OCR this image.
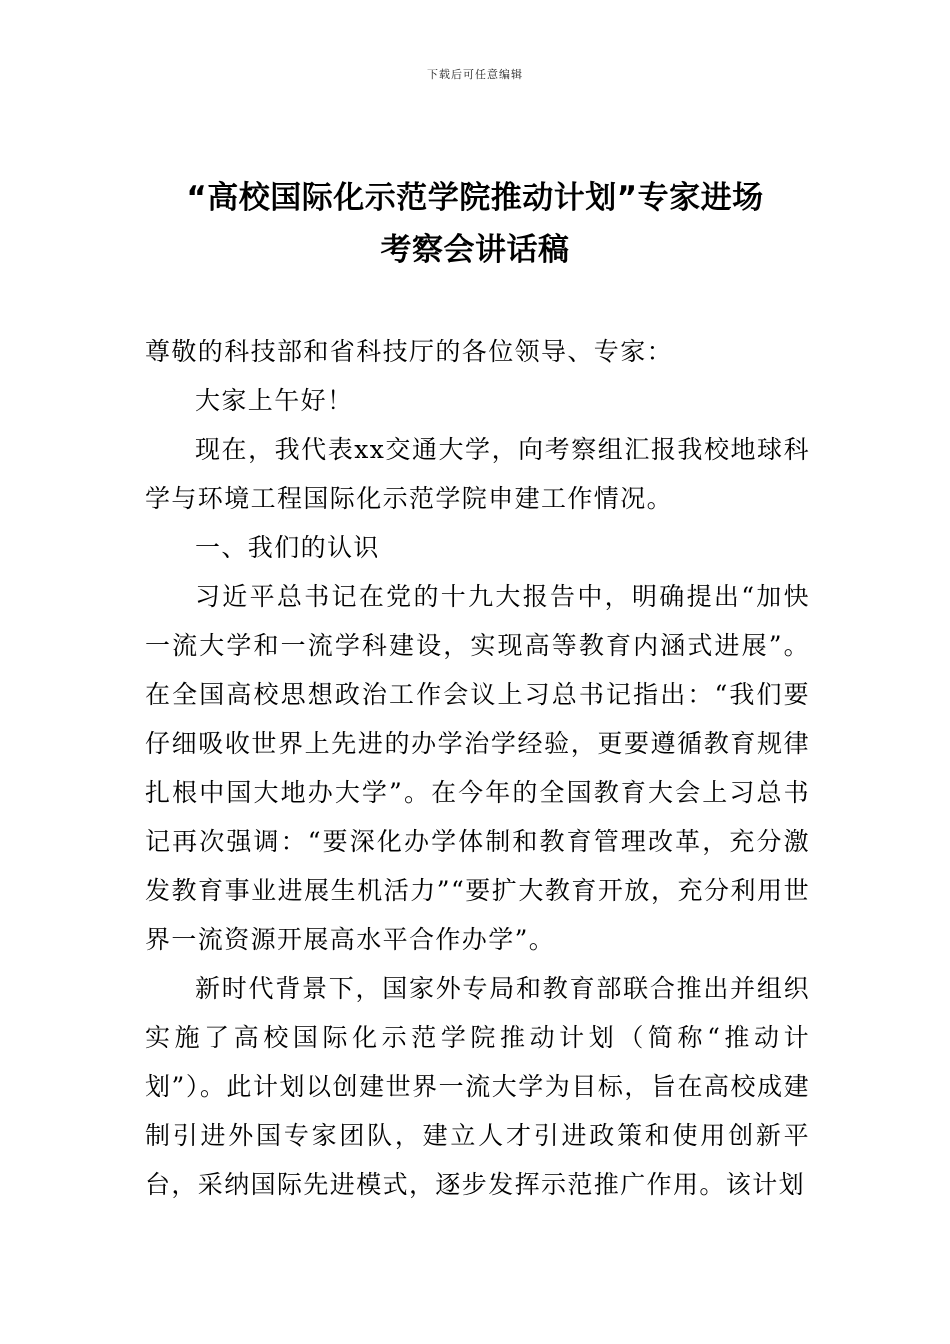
下载后可任意编辑
“高校国际化示范学院推动计划”专家进场
考察会讲话稿

尊敬的科技部和省科技厅的各位领导、专家：

大家上午好！

现在，我代表xx交通大学，向考察组汇报我校地球科学与环境工程国际化示范学院申建工作情况。

一、我们的认识

习近平总书记在党的十九大报告中，明确提出“加快一流大学和一流学科建设，实现高等教育内涵式进展”。在全国高校思想政治工作会议上习总书记指出：“我们要仔细吸收世界上先进的办学治学经验，更要遵循教育规律扎根中国大地办大学”。在今年的全国教育大会上习总书记再次强调：“要深化办学体制和教育管理改革，充分激发教育事业进展生机活力”“要扩大教育开放，充分利用世界一流资源开展高水平合作办学”。

新时代背景下，国家外专局和教育部联合推出并组织实施了高校国际化示范学院推动计划（简称“推动计划”）。此计划以创建世界一流大学为目标，旨在高校成建制引进外国专家团队，建立人才引进政策和使用创新平台，采纳国际先进模式，逐步发挥示范推广作用。该计划
